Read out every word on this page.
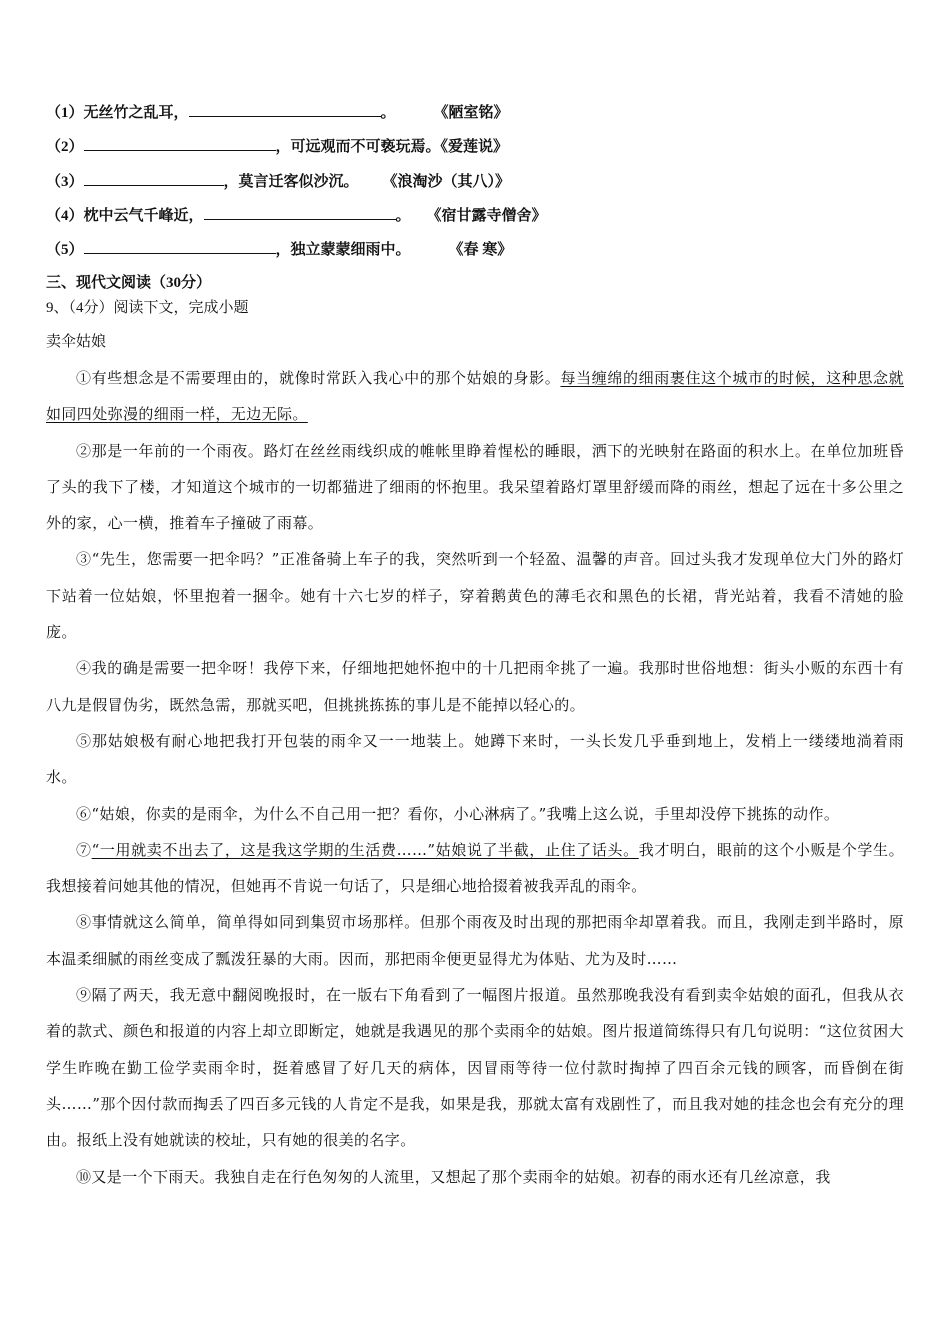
（1）无丝竹之乱耳，	。	《陋室铭》
（2）	，可远观而不可亵玩焉。《爱莲说》
（3）	，莫言迁客似沙沉。 《浪淘沙（其八）》
（4）枕中云气千峰近，	。 《宿甘露寺僧舍》
（5）	，独立蒙蒙细雨中。	《春 寒》
三、现代文阅读（30分）
9、（4分）阅读下文，完成小题
卖伞姑娘

①有些想念是不需要理由的，就像时常跃入我心中的那个姑娘的身影。每当缠绵的细雨裹住这个城市的时候，这种思念就如同四处弥漫的细雨一样，无边无际。

②那是一年前的一个雨夜。路灯在丝丝雨线织成的帷帐里睁着惺松的睡眼，洒下的光映射在路面的积水上。在单位加班昏了头的我下了楼，才知道这个城市的一切都猫进了细雨的怀抱里。我呆望着路灯罩里舒缓而降的雨丝，想起了远在十多公里之外的家，心一横，推着车子撞破了雨幕。

③“先生，您需要一把伞吗？”正准备骑上车子的我，突然听到一个轻盈、温馨的声音。回过头我才发现单位大门外的路灯下站着一位姑娘，怀里抱着一捆伞。她有十六七岁的样子，穿着鹅黄色的薄毛衣和黑色的长裙，背光站着，我看不清她的脸庞。

④我的确是需要一把伞呀！我停下来，仔细地把她怀抱中的十几把雨伞挑了一遍。我那时世俗地想：街头小贩的东西十有八九是假冒伪劣，既然急需，那就买吧，但挑挑拣拣的事儿是不能掉以轻心的。

⑤那姑娘极有耐心地把我打开包装的雨伞又一一地装上。她蹲下来时，一头长发几乎垂到地上，发梢上一缕缕地淌着雨水。

⑥“姑娘，你卖的是雨伞，为什么不自己用一把？看你，小心淋病了。”我嘴上这么说，手里却没停下挑拣的动作。

⑦“一用就卖不出去了，这是我这学期的生活费……”姑娘说了半截，止住了话头。我才明白，眼前的这个小贩是个学生。我想接着问她其他的情况，但她再不肯说一句话了，只是细心地拾掇着被我弄乱的雨伞。

⑧事情就这么简单，简单得如同到集贸市场那样。但那个雨夜及时出现的那把雨伞却罩着我。而且，我刚走到半路时，原本温柔细腻的雨丝变成了瓢泼狂暴的大雨。因而，那把雨伞便更显得尤为体贴、尤为及时……

⑨隔了两天，我无意中翻阅晚报时，在一版右下角看到了一幅图片报道。虽然那晚我没有看到卖伞姑娘的面孔，但我从衣着的款式、颜色和报道的内容上却立即断定，她就是我遇见的那个卖雨伞的姑娘。图片报道简练得只有几句说明：“这位贫困大学生昨晚在勤工俭学卖雨伞时，挺着感冒了好几天的病体，因冒雨等待一位付款时掏掉了四百余元钱的顾客，而昏倒在街头……”那个因付款而掏丢了四百多元钱的人肯定不是我，如果是我，那就太富有戏剧性了，而且我对她的挂念也会有充分的理由。报纸上没有她就读的校址，只有她的很美的名字。

⑩又是一个下雨天。我独自走在行色匆匆的人流里，又想起了那个卖雨伞的姑娘。初春的雨水还有几丝凉意，我
